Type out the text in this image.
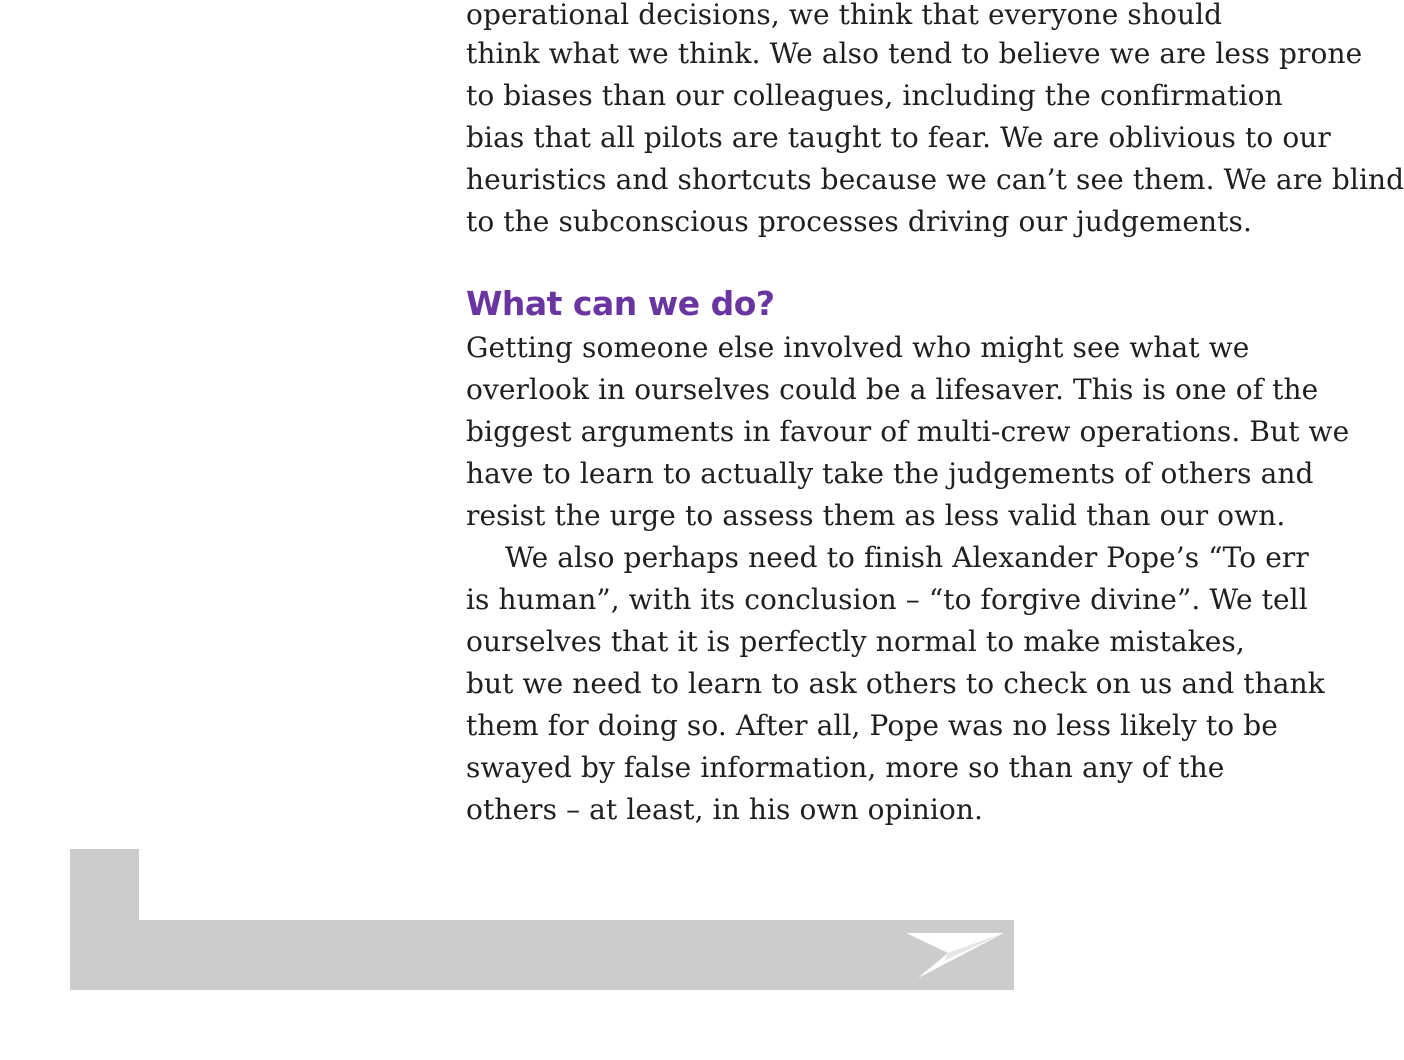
operational decisions, we think that everyone should
think what we think. We also tend to believe we are less prone
to biases than our colleagues, including the confirmation
bias that all pilots are taught to fear. We are oblivious to our
heuristics and shortcuts because we can’t see them. We are blind
to the subconscious processes driving our judgements.
What can we do?
Getting someone else involved who might see what we
overlook in ourselves could be a lifesaver. This is one of the
biggest arguments in favour of multi-crew operations. But we
have to learn to actually take the judgements of others and
resist the urge to assess them as less valid than our own.
We also perhaps need to finish Alexander Pope’s “To err
is human”, with its conclusion – “to forgive divine”. We tell
ourselves that it is perfectly normal to make mistakes,
but we need to learn to ask others to check on us and thank
them for doing so. After all, Pope was no less likely to be
swayed by false information, more so than any of the
others – at least, in his own opinion.
